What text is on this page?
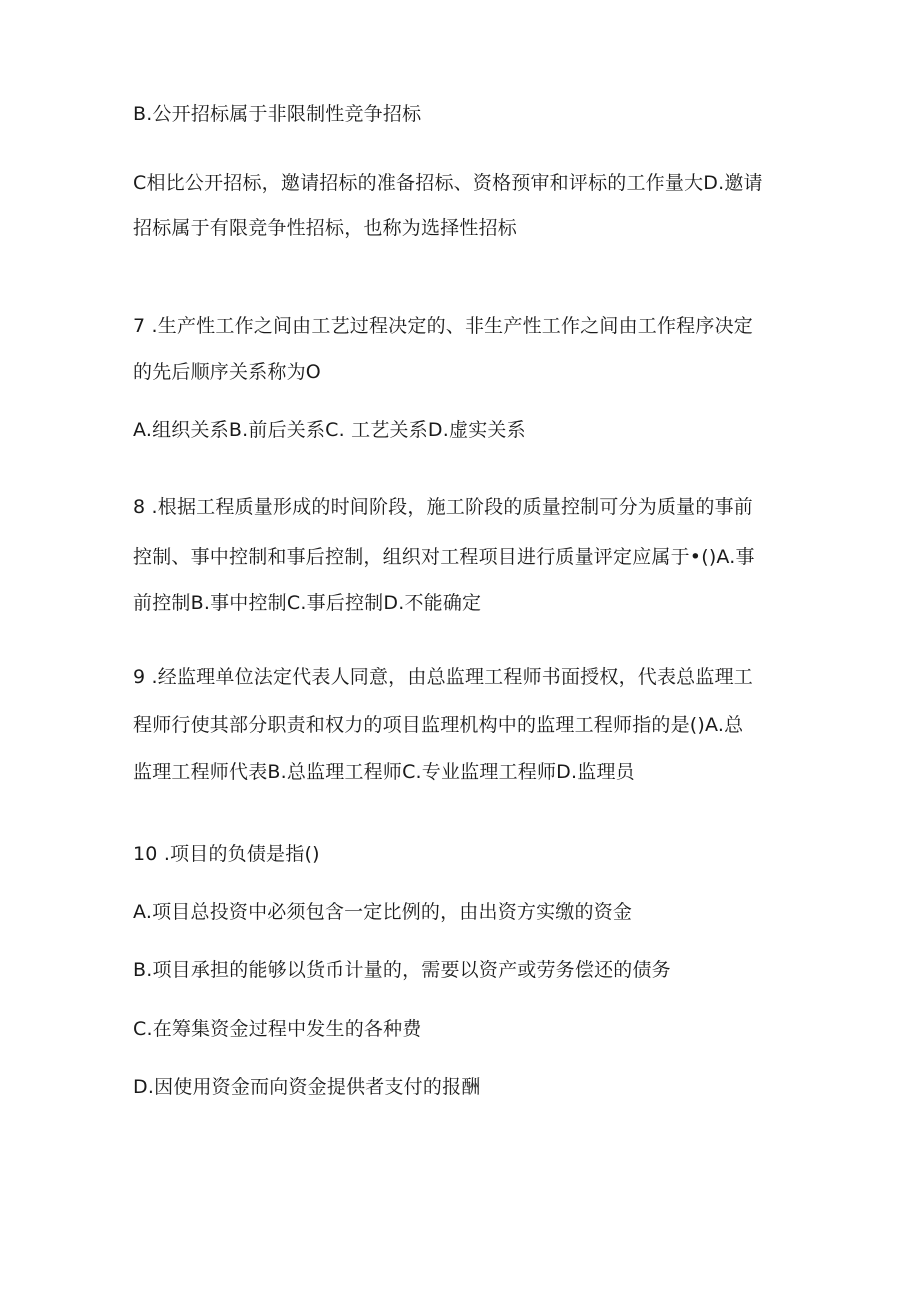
B.公开招标属于非限制性竞争招标
C相比公开招标，邀请招标的准备招标、资格预审和评标的工作量大D.邀请
招标属于有限竞争性招标，也称为选择性招标
7 .生产性工作之间由工艺过程决定的、非生产性工作之间由工作程序决定
的先后顺序关系称为O
A.组织关系B.前后关系C. 工艺关系D.虚实关系
8 .根据工程质量形成的时间阶段，施工阶段的质量控制可分为质量的事前
控制、事中控制和事后控制，组织对工程项目进行质量评定应属于•()A.事
前控制B.事中控制C.事后控制D.不能确定
9 .经监理单位法定代表人同意，由总监理工程师书面授权，代表总监理工
程师行使其部分职责和权力的项目监理机构中的监理工程师指的是()A.总
监理工程师代表B.总监理工程师C.专业监理工程师D.监理员
10 .项目的负债是指()
A.项目总投资中必须包含一定比例的，由出资方实缴的资金
B.项目承担的能够以货币计量的，需要以资产或劳务偿还的债务
C.在筹集资金过程中发生的各种费
D.因使用资金而向资金提供者支付的报酬
